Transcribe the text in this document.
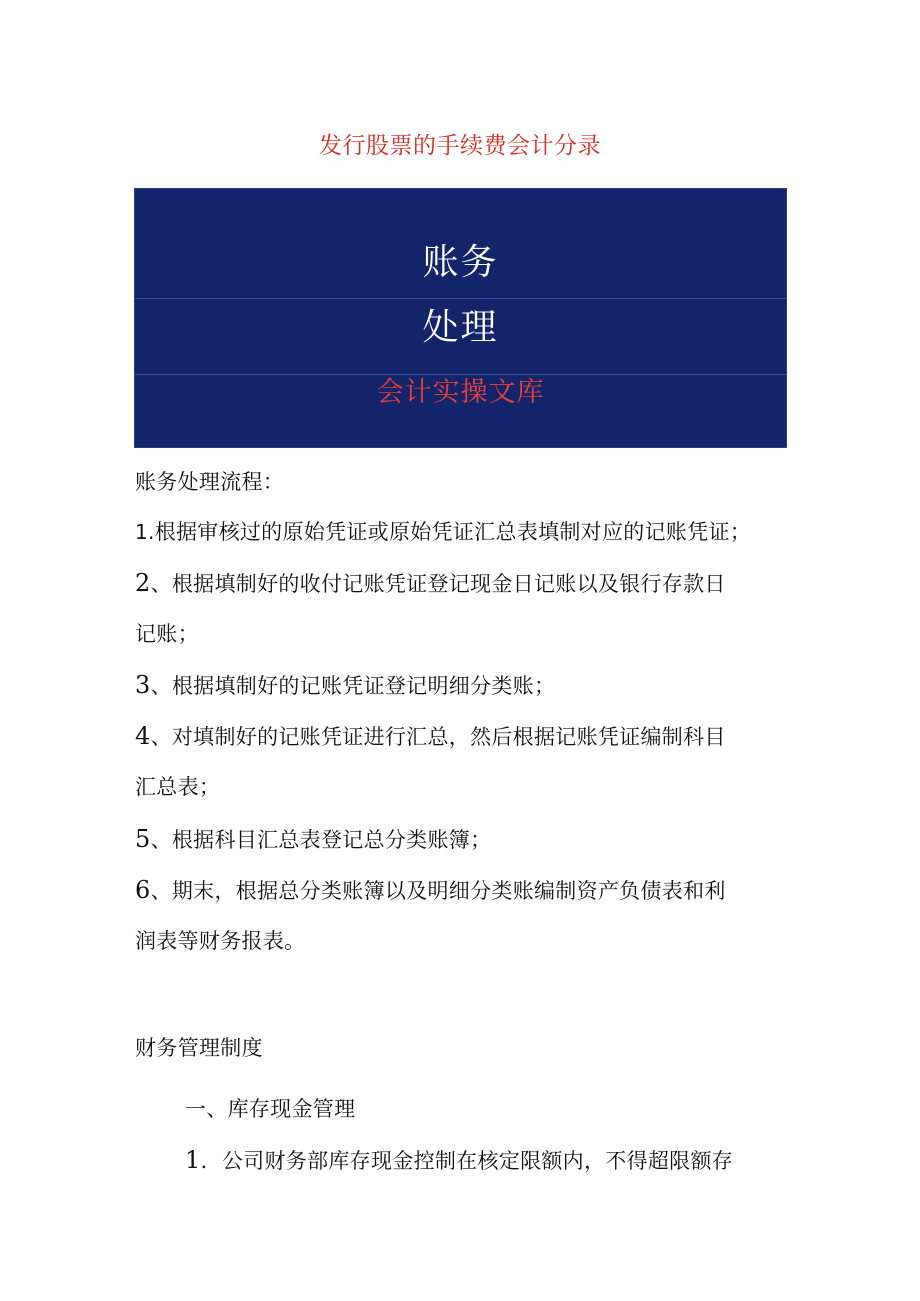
发行股票的手续费会计分录
账务
处理
会计实操文库
账务处理流程：
1.根据审核过的原始凭证或原始凭证汇总表填制对应的记账凭证；
2、根据填制好的收付记账凭证登记现金日记账以及银行存款日
记账；
3、根据填制好的记账凭证登记明细分类账；
4、对填制好的记账凭证进行汇总，然后根据记账凭证编制科目
汇总表；
5、根据科目汇总表登记总分类账簿；
6、期末，根据总分类账簿以及明细分类账编制资产负债表和利
润表等财务报表。
财务管理制度
一、库存现金管理
1．公司财务部库存现金控制在核定限额内，不得超限额存
